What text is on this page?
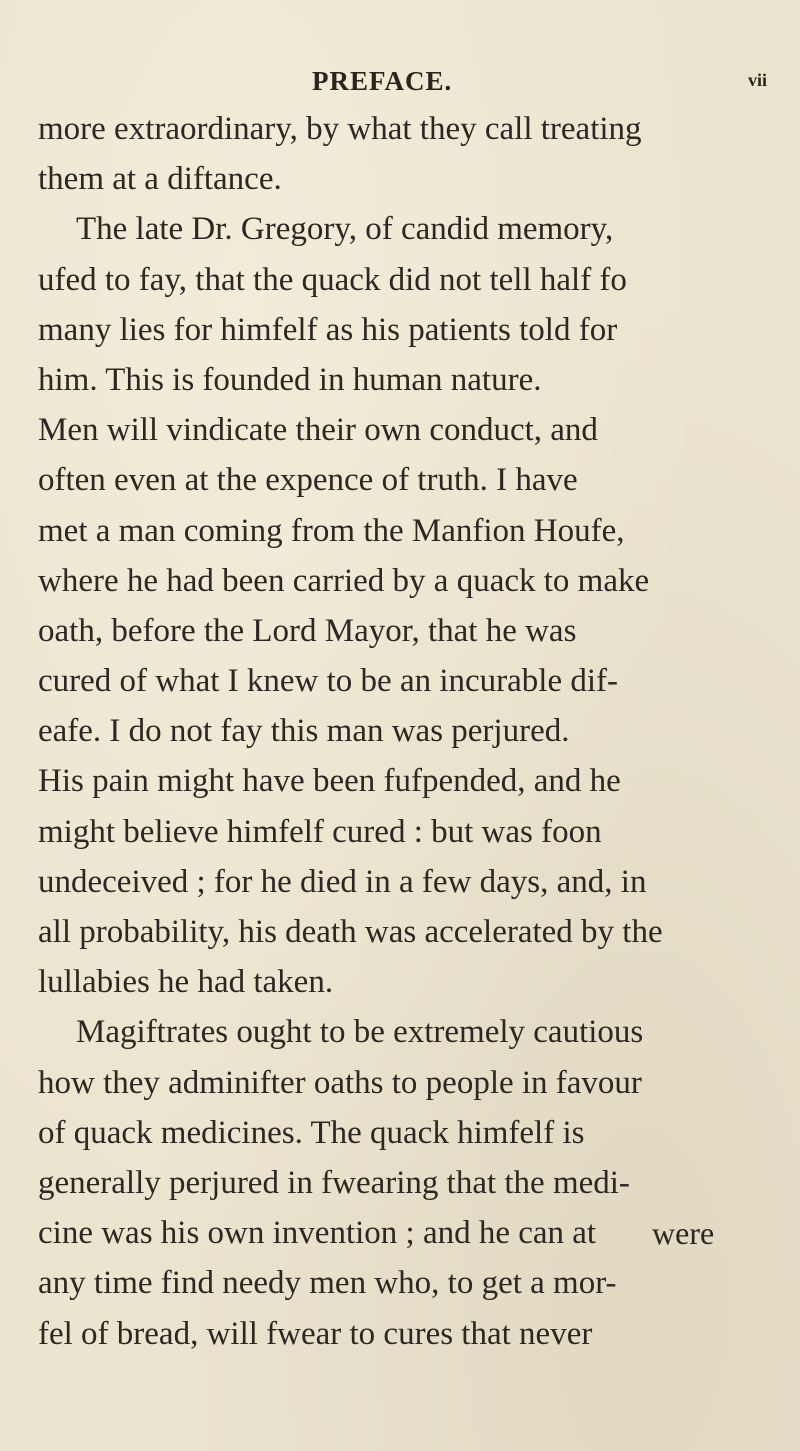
PREFACE.	vii
more extraordinary, by what they call treating
them at a diftance.
The late Dr. Gregory, of candid memory,
ufed to fay, that the quack did not tell half fo
many lies for himfelf as his patients told for
him. This is founded in human nature.
Men will vindicate their own conduct, and
often even at the expence of truth. I have
met a man coming from the Manfion Houfe,
where he had been carried by a quack to make
oath, before the Lord Mayor, that he was
cured of what I knew to be an incurable dif-
eafe. I do not fay this man was perjured.
His pain might have been fufpended, and he
might believe himfelf cured : but was foon
undeceived ; for he died in a few days, and, in
all probability, his death was accelerated by the
lullabies he had taken.
Magiftrates ought to be extremely cautious
how they adminifter oaths to people in favour
of quack medicines. The quack himfelf is
generally perjured in fwearing that the medi-
cine was his own invention ; and he can at
any time find needy men who, to get a mor-
fel of bread, will fwear to cures that never
were
